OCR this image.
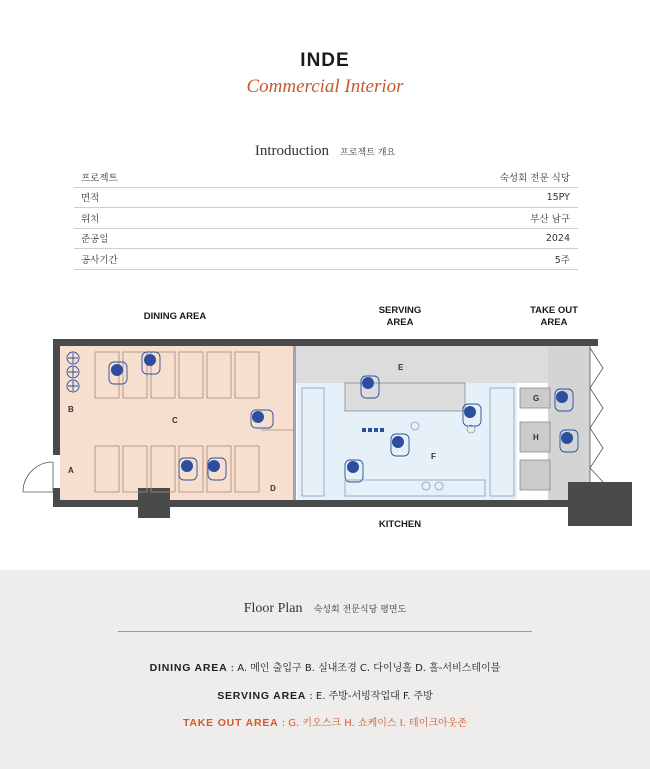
INDE
Commercial Interior
Introduction 프로젝트 개요
프로젝트	숙성회 전문 식당
면적	15PY
위치	부산 남구
준공일	2024
공사기간	5주
DINING AREA
SERVING
AREA
TAKE OUT
AREA
KITCHEN
A
B
C
D
E
F
G
H
Floor Plan 숙성회 전문식당 평면도
DINING AREA : A. 메인 출입구 B. 실내조경 C. 다이닝홀 D. 홀-서비스테이블
SERVING AREA : E. 주방-서빙작업대 F. 주방
TAKE OUT AREA : G. 키오스크 H. 쇼케이스 I. 테이크아웃존
